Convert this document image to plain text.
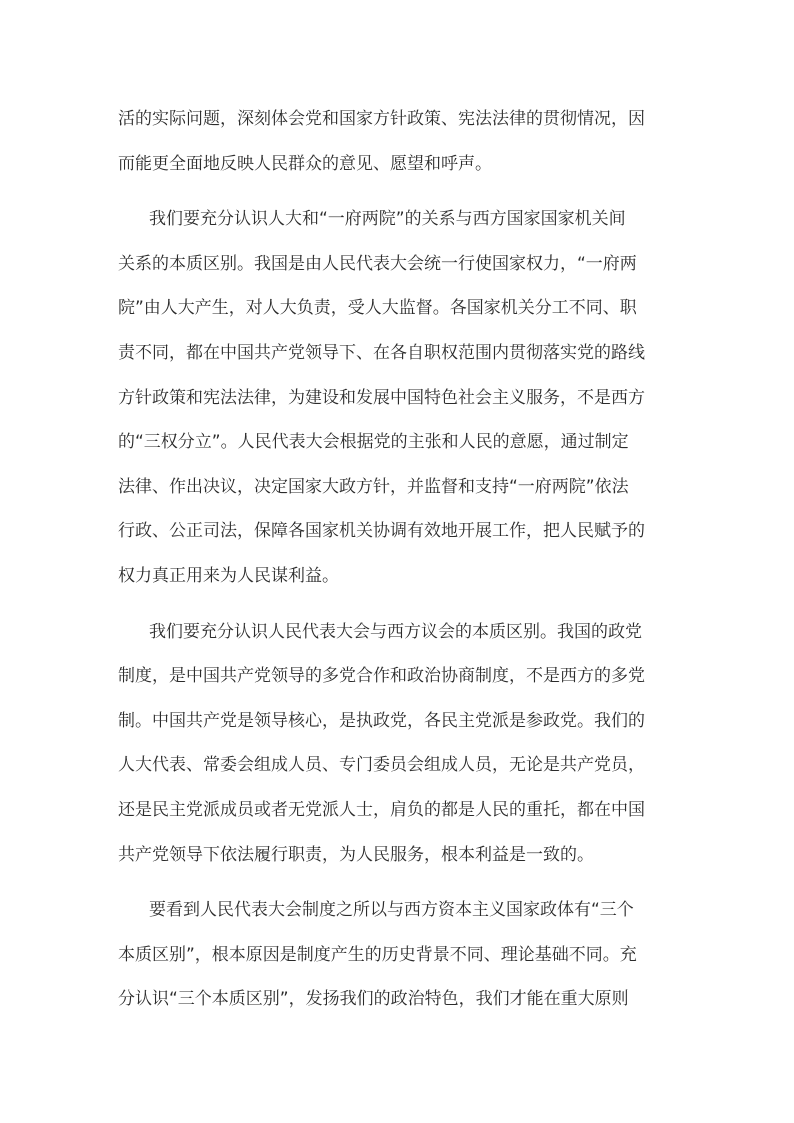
活的实际问题，深刻体会党和国家方针政策、宪法法律的贯彻情况，因
而能更全面地反映人民群众的意见、愿望和呼声。
我们要充分认识人大和“一府两院”的关系与西方国家国家机关间
关系的本质区别。我国是由人民代表大会统一行使国家权力，“一府两
院”由人大产生，对人大负责，受人大监督。各国家机关分工不同、职
责不同，都在中国共产党领导下、在各自职权范围内贯彻落实党的路线
方针政策和宪法法律，为建设和发展中国特色社会主义服务，不是西方
的“三权分立”。人民代表大会根据党的主张和人民的意愿，通过制定
法律、作出决议，决定国家大政方针，并监督和支持“一府两院”依法
行政、公正司法，保障各国家机关协调有效地开展工作，把人民赋予的
权力真正用来为人民谋利益。
我们要充分认识人民代表大会与西方议会的本质区别。我国的政党
制度，是中国共产党领导的多党合作和政治协商制度，不是西方的多党
制。中国共产党是领导核心，是执政党，各民主党派是参政党。我们的
人大代表、常委会组成人员、专门委员会组成人员，无论是共产党员，
还是民主党派成员或者无党派人士，肩负的都是人民的重托，都在中国
共产党领导下依法履行职责，为人民服务，根本利益是一致的。
要看到人民代表大会制度之所以与西方资本主义国家政体有“三个
本质区别”，根本原因是制度产生的历史背景不同、理论基础不同。充
分认识“三个本质区别”，发扬我们的政治特色，我们才能在重大原则
